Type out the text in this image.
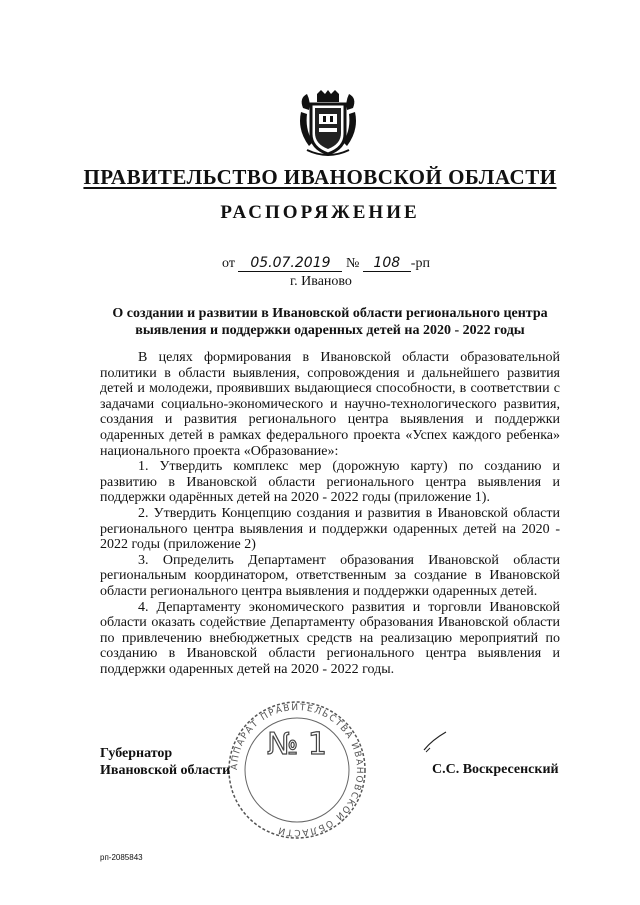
ПРАВИТЕЛЬСТВО ИВАНОВСКОЙ ОБЛАСТИ
РАСПОРЯЖЕНИЕ
от 05.07.2019 № 108 -рп
г. Иваново
О создании и развитии в Ивановской области регионального центра
выявления и поддержки одаренных детей на 2020 - 2022 годы

В целях формирования в Ивановской области образовательной политики в области выявления, сопровождения и дальнейшего развития детей и молодежи, проявивших выдающиеся способности, в соответствии с задачами социально-экономического и научно-технологического развития, создания и развития регионального центра выявления и поддержки одаренных детей в рамках федерального проекта «Успех каждого ребенка» национального проекта «Образование»:

1. Утвердить комплекс мер (дорожную карту) по созданию и развитию в Ивановской области регионального центра выявления и поддержки одарённых детей на 2020 - 2022 годы (приложение 1).

2. Утвердить Концепцию создания и развития в Ивановской области регионального центра выявления и поддержки одаренных детей на 2020 - 2022 годы (приложение 2)

3. Определить Департамент образования Ивановской области региональным координатором, ответственным за создание в Ивановской области регионального центра выявления и поддержки одаренных детей.

4. Департаменту экономического развития и торговли Ивановской области оказать содействие Департаменту образования Ивановской области по привлечению внебюджетных средств на реализацию мероприятий по созданию в Ивановской области регионального центра выявления и поддержки одаренных детей на 2020 - 2022 годы.

АППАРАТ ПРАВИТЕЛЬСТВА ИВАНОВСКОЙ ОБЛАСТИ
№ 1
Губернатор
Ивановской области	С.С. Воскресенский
рп-2085843
